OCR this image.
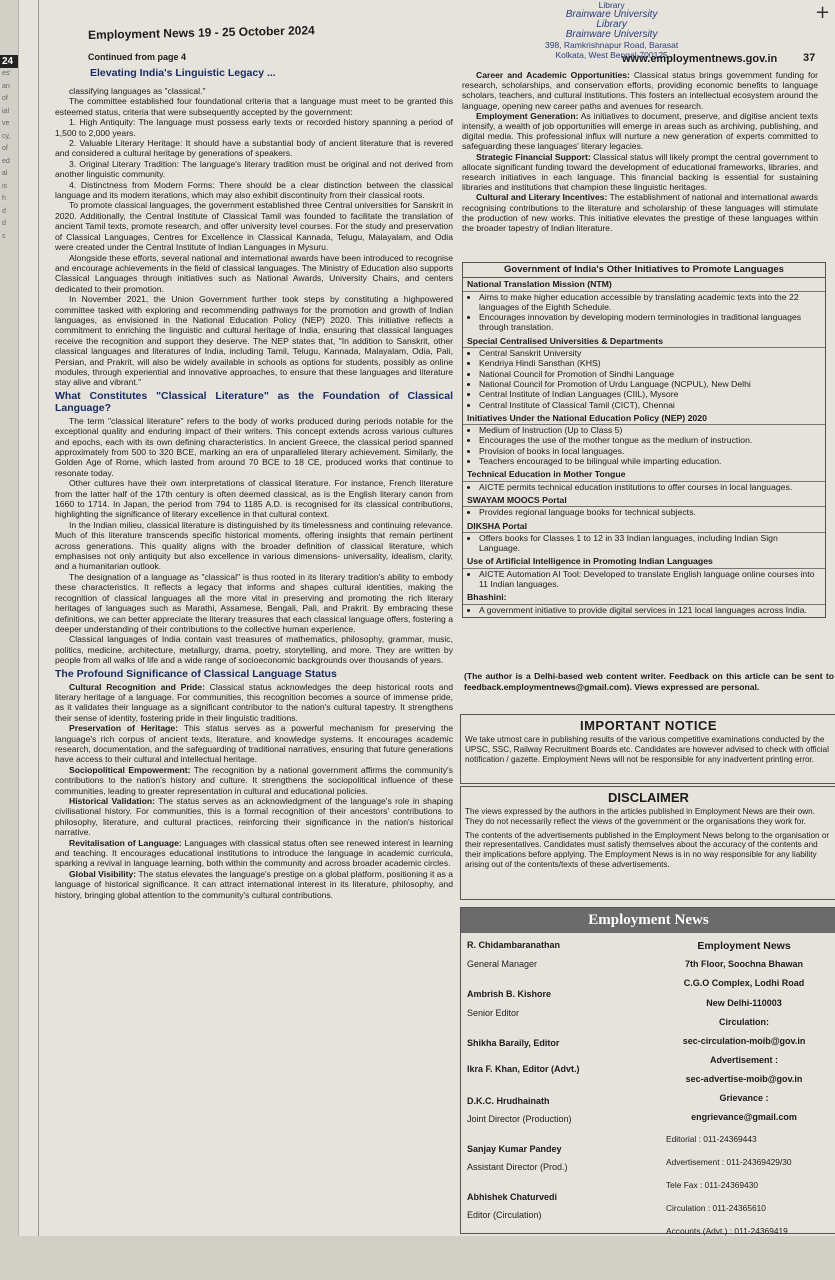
24
es'
an
of
ial
ve
cy,
of
ed
al
is
h
d
d
s
Employment News 19 - 25 October 2024
Continued from page 4
Elevating India's Linguistic Legacy ...
Library
Brainware University
Library
Brainware University
398, Ramkrishnapur Road, Barasat
Kolkata, West Bengal-700125
+
www.employmentnews.gov.in 37

classifying languages as "classical."

The committee established four foundational criteria that a language must meet to be granted this esteemed status, criteria that were subsequently accepted by the government:

1. High Antiquity: The language must possess early texts or recorded history spanning a period of 1,500 to 2,000 years.

2. Valuable Literary Heritage: It should have a substantial body of ancient literature that is revered and considered a cultural heritage by generations of speakers.

3. Original Literary Tradition: The language's literary tradition must be original and not derived from another linguistic community.

4. Distinctness from Modern Forms: There should be a clear distinction between the classical language and its modern iterations, which may also exhibit discontinuity from their classical roots.

To promote classical languages, the government established three Central universities for Sanskrit in 2020. Additionally, the Central Institute of Classical Tamil was founded to facilitate the translation of ancient Tamil texts, promote research, and offer university level courses. For the study and preservation of Classical Languages, Centres for Excellence in Classical Kannada, Telugu, Malayalam, and Odia were created under the Central Institute of Indian Languages in Mysuru.

Alongside these efforts, several national and international awards have been introduced to recognise and encourage achievements in the field of classical languages. The Ministry of Education also supports Classical Languages through initiatives such as National Awards, University Chairs, and centers dedicated to their promotion.

In November 2021, the Union Government further took steps by constituting a highpowered committee tasked with exploring and recommending pathways for the promotion and growth of Indian languages, as envisioned in the National Education Policy (NEP) 2020. This initiative reflects a commitment to enriching the linguistic and cultural heritage of India, ensuring that classical languages receive the recognition and support they deserve. The NEP states that, "In addition to Sanskrit, other classical languages and literatures of India, including Tamil, Telugu, Kannada, Malayalam, Odia, Pali, Persian, and Prakrit, will also be widely available in schools as options for students, possibly as online modules, through experiential and innovative approaches, to ensure that these languages and literature stay alive and vibrant."

What Constitutes "Classical Literature" as the Foundation of Classical Language?

The term "classical literature" refers to the body of works produced during periods notable for the exceptional quality and enduring impact of their writers. This concept extends across various cultures and epochs, each with its own defining characteristics. In ancient Greece, the classical period spanned approximately from 500 to 320 BCE, marking an era of unparalleled literary achievement. Similarly, the Golden Age of Rome, which lasted from around 70 BCE to 18 CE, produced works that continue to resonate today.

Other cultures have their own interpretations of classical literature. For instance, French literature from the latter half of the 17th century is often deemed classical, as is the English literary canon from 1660 to 1714. In Japan, the period from 794 to 1185 A.D. is recognised for its classical contributions, highlighting the significance of literary excellence in that cultural context.

In the Indian milieu, classical literature is distinguished by its timelessness and continuing relevance. Much of this literature transcends specific historical moments, offering insights that remain pertinent across generations. This quality aligns with the broader definition of classical literature, which emphasises not only antiquity but also excellence in various dimensions- universality, idealism, clarity, and a humanitarian outlook.

The designation of a language as "classical" is thus rooted in its literary tradition's ability to embody these characteristics. It reflects a legacy that informs and shapes cultural identities, making the recognition of classical languages all the more vital in preserving and promoting the rich literary heritages of languages such as Marathi, Assamese, Bengali, Pali, and Prakrit. By embracing these definitions, we can better appreciate the literary treasures that each classical language offers, fostering a deeper understanding of their contributions to the collective human experience.

Classical languages of India contain vast treasures of mathematics, philosophy, grammar, music, politics, medicine, architecture, metallurgy, drama, poetry, storytelling, and more. They are written by people from all walks of life and a wide range of socioeconomic backgrounds over thousands of years.

The Profound Significance of Classical Language Status

Cultural Recognition and Pride: Classical status acknowledges the deep historical roots and literary heritage of a language. For communities, this recognition becomes a source of immense pride, as it validates their language as a significant contributor to the nation's cultural tapestry. It strengthens their sense of identity, fostering pride in their linguistic traditions.

Preservation of Heritage: This status serves as a powerful mechanism for preserving the language's rich corpus of ancient texts, literature, and knowledge systems. It encourages academic research, documentation, and the safeguarding of traditional narratives, ensuring that future generations have access to their cultural and intellectual heritage.

Sociopolitical Empowerment: The recognition by a national government affirms the community's contributions to the nation's history and culture. It strengthens the sociopolitical influence of these communities, leading to greater representation in cultural and educational policies.

Historical Validation: The status serves as an acknowledgment of the language's role in shaping civilisational history. For communities, this is a formal recognition of their ancestors' contributions to philosophy, literature, and cultural practices, reinforcing their significance in the nation's historical narrative.

Revitalisation of Language: Languages with classical status often see renewed interest in learning and teaching. It encourages educational institutions to introduce the language in academic curricula, sparking a revival in language learning, both within the community and across broader academic circles.

Global Visibility: The status elevates the language's prestige on a global platform, positioning it as a language of historical significance. It can attract international interest in its literature, philosophy, and history, bringing global attention to the community's cultural contributions.

Career and Academic Opportunities: Classical status brings government funding for research, scholarships, and conservation efforts, providing economic benefits to language scholars, teachers, and cultural institutions. This fosters an intellectual ecosystem around the language, opening new career paths and avenues for research.

Employment Generation: As initiatives to document, preserve, and digitise ancient texts intensify, a wealth of job opportunities will emerge in areas such as archiving, publishing, and digital media. This professional influx will nurture a new generation of experts committed to safeguarding these languages' literary legacies.

Strategic Financial Support: Classical status will likely prompt the central government to allocate significant funding toward the development of educational frameworks, libraries, and research initiatives in each language. This financial backing is essential for sustaining libraries and institutions that champion these linguistic heritages.

Cultural and Literary Incentives: The establishment of national and international awards recognising contributions to the literature and scholarship of these languages will stimulate the production of new works. This initiative elevates the prestige of these languages within the broader tapestry of Indian literature.

Government of India's Other Initiatives to Promote Languages
National Translation Mission (NTM)
• Aims to make higher education accessible by translating academic texts into the 22 languages of the Eighth Schedule.
• Encourages innovation by developing modern terminologies in traditional languages through translation.
Special Centralised Universities & Departments
• Central Sanskrit University
• Kendriya Hindi Sansthan (KHS)
• National Council for Promotion of Sindhi Language
• National Council for Promotion of Urdu Language (NCPUL), New Delhi
• Central Institute of Indian Languages (CIIL), Mysore
• Central Institute of Classical Tamil (CICT), Chennai
Initiatives Under the National Education Policy (NEP) 2020
• Medium of Instruction (Up to Class 5)
• Encourages the use of the mother tongue as the medium of instruction.
• Provision of books in local languages.
• Teachers encouraged to be bilingual while imparting education.
Technical Education in Mother Tongue
• AICTE permits technical education institutions to offer courses in local languages.
SWAYAM MOOCS Portal
• Provides regional language books for technical subjects.
DIKSHA Portal
• Offers books for Classes 1 to 12 in 33 Indian languages, including Indian Sign Language.
Use of Artificial Intelligence in Promoting Indian Languages
• AICTE Automation AI Tool: Developed to translate English language online courses into 11 Indian languages.
Bhashini:
• A government initiative to provide digital services in 121 local languages across India.
(The author is a Delhi-based web content writer. Feedback on this article can be sent to feedback.employmentnews@gmail.com). Views expressed are personal.
IMPORTANT NOTICE
We take utmost care in publishing results of the various competitive examinations conducted by the UPSC, SSC, Railway Recruitment Boards etc. Candidates are however advised to check with official notification / gazette. Employment News will not be responsible for any inadvertent printing error.
DISCLAIMER
The views expressed by the authors in the articles published in Employment News are their own. They do not necessarily reflect the views of the government or the organisations they work for.
The contents of the advertisements published in the Employment News belong to the organisation or their representatives. Candidates must satisfy themselves about the accuracy of the contents and their implications before applying. The Employment News is in no way responsible for any liability arising out of the contents/texts of these advertisements.
Employment News
R. Chidambaranathan
General Manager
Ambrish B. Kishore
Senior Editor
Shikha Baraily, Editor
Ikra F. Khan, Editor (Advt.)
D.K.C. Hrudhainath
Joint Director (Production)
Sanjay Kumar Pandey
Assistant Director (Prod.)
Abhishek Chaturvedi
Editor (Circulation)
Employment News
7th Floor, Soochna Bhawan
C.G.O Complex, Lodhi Road
New Delhi-110003
Circulation:
sec-circulation-moib@gov.in
Advertisement :
sec-advertise-moib@gov.in
Grievance :
engrievance@gmail.com
Editorial : 011-24369443
Advertisement : 011-24369429/30
Tele Fax : 011-24369430
Circulation : 011-24365610
Accounts (Advt.) : 011-24369419
